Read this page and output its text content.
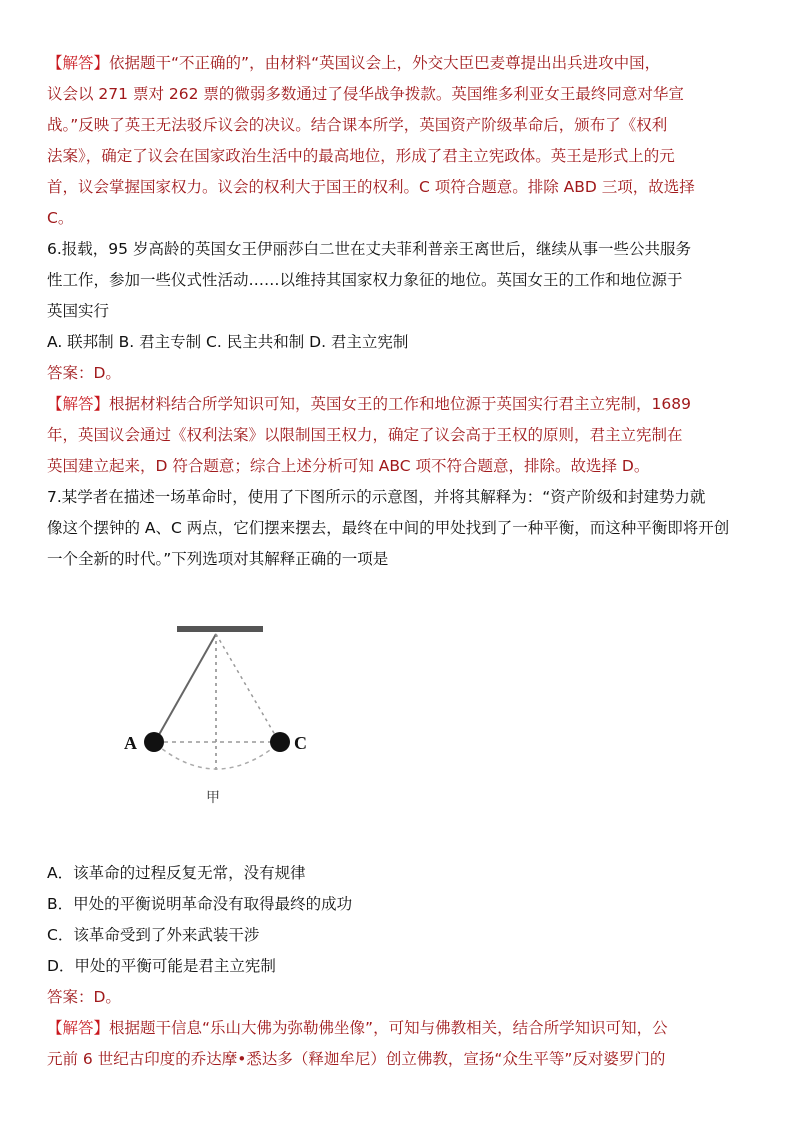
【解答】依据题干“不正确的”，由材料“英国议会上，外交大臣巴麦尊提出出兵进攻中国，
议会以 271 票对 262 票的微弱多数通过了侵华战争拨款。英国维多利亚女王最终同意对华宣
战。”反映了英王无法驳斥议会的决议。结合课本所学，英国资产阶级革命后，颁布了《权利
法案》，确定了议会在国家政治生活中的最高地位，形成了君主立宪政体。英王是形式上的元
首，议会掌握国家权力。议会的权利大于国王的权利。C 项符合题意。排除 ABD 三项，故选择
C。
6.报载，95 岁高龄的英国女王伊丽莎白二世在丈夫菲利普亲王离世后，继续从事一些公共服务
性工作，参加一些仪式性活动……以维持其国家权力象征的地位。英国女王的工作和地位源于
英国实行
A. 联邦制 B. 君主专制 C. 民主共和制 D. 君主立宪制
答案：D。
【解答】根据材料结合所学知识可知，英国女王的工作和地位源于英国实行君主立宪制，1689
年，英国议会通过《权利法案》以限制国王权力，确定了议会高于王权的原则，君主立宪制在
英国建立起来，D 符合题意；综合上述分析可知 ABC 项不符合题意，排除。故选择 D。
7.某学者在描述一场革命时，使用了下图所示的示意图，并将其解释为：“资产阶级和封建势力就
像这个摆钟的 A、C 两点，它们摆来摆去，最终在中间的甲处找到了一种平衡，而这种平衡即将开创
一个全新的时代。”下列选项对其解释正确的一项是
A	C
甲
A．该革命的过程反复无常，没有规律
B．甲处的平衡说明革命没有取得最终的成功
C．该革命受到了外来武装干涉
D．甲处的平衡可能是君主立宪制
答案：D。
【解答】根据题干信息“乐山大佛为弥勒佛坐像”，可知与佛教相关，结合所学知识可知，公
元前 6 世纪古印度的乔达摩•悉达多（释迦牟尼）创立佛教，宣扬“众生平等”反对婆罗门的
